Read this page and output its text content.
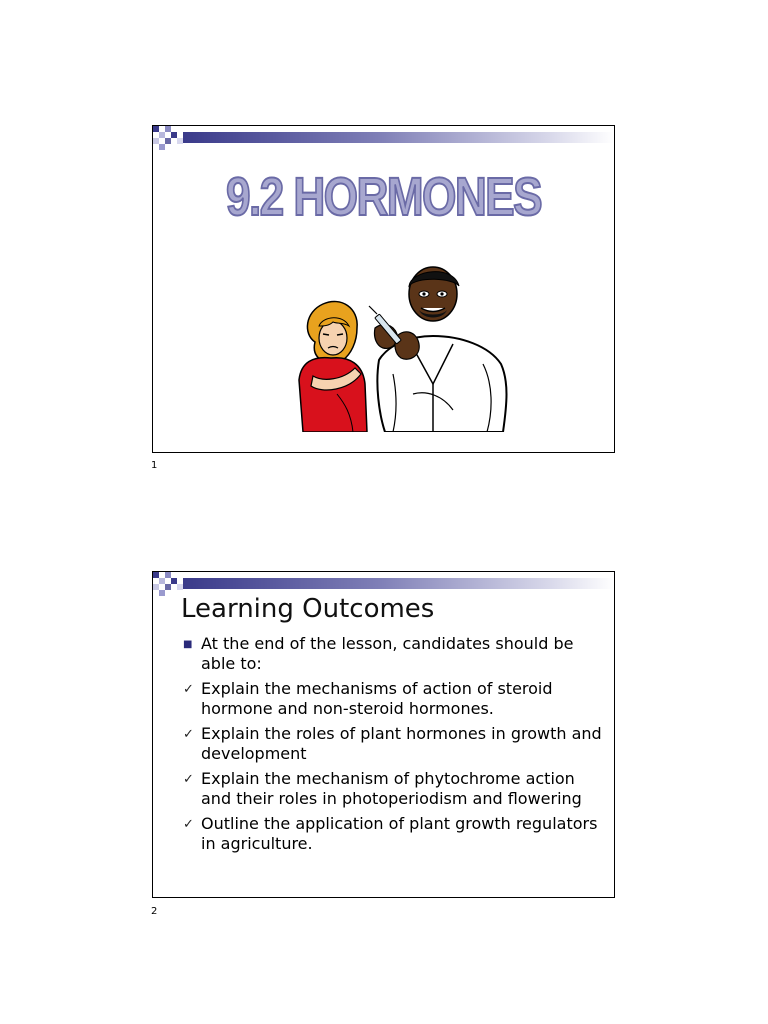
9.2 HORMONES
1
Learning Outcomes
■ At the end of the lesson, candidates should be able to:
✓ Explain the mechanisms of action of steroid hormone and non-steroid hormones.
✓ Explain the roles of plant hormones in growth and development
✓ Explain the mechanism of phytochrome action and their roles in photoperiodism and flowering
✓ Outline the application of plant growth regulators in agriculture.
2
